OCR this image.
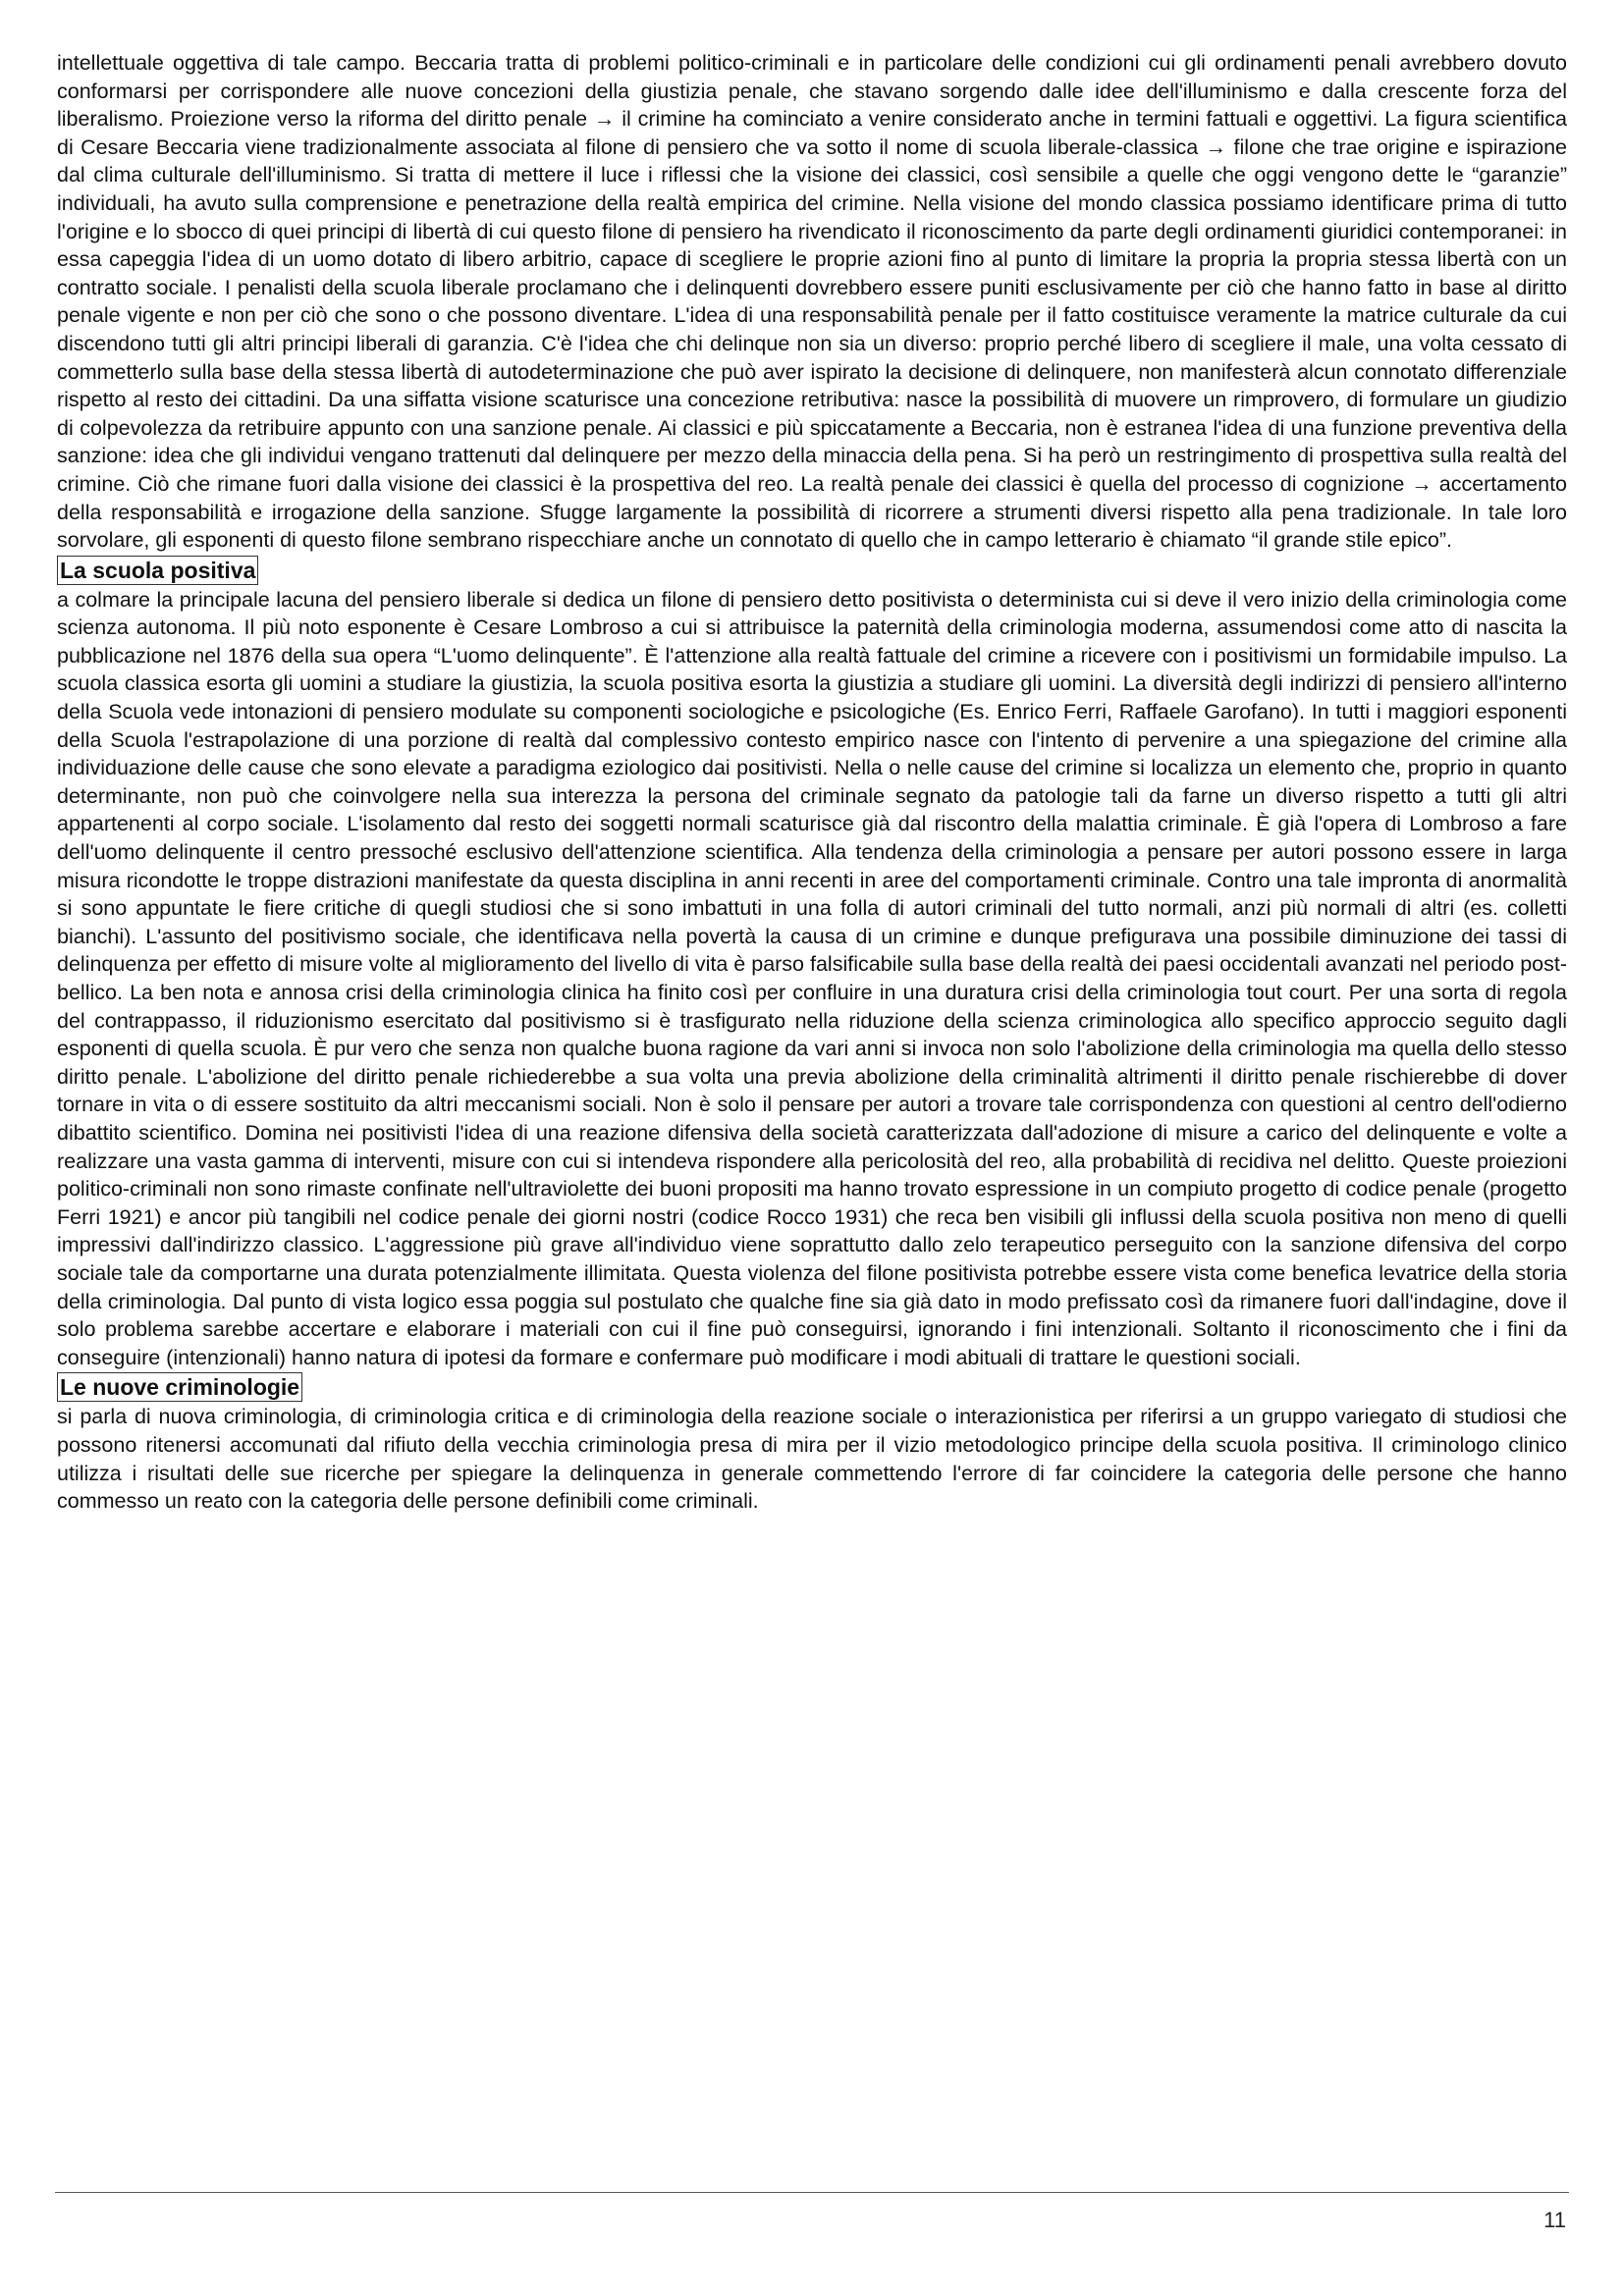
intellettuale oggettiva di tale campo. Beccaria tratta di problemi politico-criminali e in particolare delle condizioni cui gli ordinamenti penali avrebbero dovuto conformarsi per corrispondere alle nuove concezioni della giustizia penale, che stavano sorgendo dalle idee dell'illuminismo e dalla crescente forza del liberalismo. Proiezione verso la riforma del diritto penale → il crimine ha cominciato a venire considerato anche in termini fattuali e oggettivi. La figura scientifica di Cesare Beccaria viene tradizionalmente associata al filone di pensiero che va sotto il nome di scuola liberale-classica → filone che trae origine e ispirazione dal clima culturale dell'illuminismo. Si tratta di mettere il luce i riflessi che la visione dei classici, così sensibile a quelle che oggi vengono dette le “garanzie” individuali, ha avuto sulla comprensione e penetrazione della realtà empirica del crimine. Nella visione del mondo classica possiamo identificare prima di tutto l'origine e lo sbocco di quei principi di libertà di cui questo filone di pensiero ha rivendicato il riconoscimento da parte degli ordinamenti giuridici contemporanei: in essa capeggia l'idea di un uomo dotato di libero arbitrio, capace di scegliere le proprie azioni fino al punto di limitare la propria la propria stessa libertà con un contratto sociale. I penalisti della scuola liberale proclamano che i delinquenti dovrebbero essere puniti esclusivamente per ciò che hanno fatto in base al diritto penale vigente e non per ciò che sono o che possono diventare. L'idea di una responsabilità penale per il fatto costituisce veramente la matrice culturale da cui discendono tutti gli altri principi liberali di garanzia. C'è l'idea che chi delinque non sia un diverso: proprio perché libero di scegliere il male, una volta cessato di commetterlo sulla base della stessa libertà di autodeterminazione che può aver ispirato la decisione di delinquere, non manifesterà alcun connotato differenziale rispetto al resto dei cittadini. Da una siffatta visione scaturisce una concezione retributiva: nasce la possibilità di muovere un rimprovero, di formulare un giudizio di colpevolezza da retribuire appunto con una sanzione penale. Ai classici e più spiccatamente a Beccaria, non è estranea l'idea di una funzione preventiva della sanzione: idea che gli individui vengano trattenuti dal delinquere per mezzo della minaccia della pena. Si ha però un restringimento di prospettiva sulla realtà del crimine. Ciò che rimane fuori dalla visione dei classici è la prospettiva del reo. La realtà penale dei classici è quella del processo di cognizione → accertamento della responsabilità e irrogazione della sanzione. Sfugge largamente la possibilità di ricorrere a strumenti diversi rispetto alla pena tradizionale. In tale loro sorvolare, gli esponenti di questo filone sembrano rispecchiare anche un connotato di quello che in campo letterario è chiamato “il grande stile epico”.

La scuola positiva

a colmare la principale lacuna del pensiero liberale si dedica un filone di pensiero detto positivista o determinista cui si deve il vero inizio della criminologia come scienza autonoma. Il più noto esponente è Cesare Lombroso a cui si attribuisce la paternità della criminologia moderna, assumendosi come atto di nascita la pubblicazione nel 1876 della sua opera “L'uomo delinquente”. È l'attenzione alla realtà fattuale del crimine a ricevere con i positivismi un formidabile impulso. La scuola classica esorta gli uomini a studiare la giustizia, la scuola positiva esorta la giustizia a studiare gli uomini. La diversità degli indirizzi di pensiero all'interno della Scuola vede intonazioni di pensiero modulate su componenti sociologiche e psicologiche (Es. Enrico Ferri, Raffaele Garofano). In tutti i maggiori esponenti della Scuola l'estrapolazione di una porzione di realtà dal complessivo contesto empirico nasce con l'intento di pervenire a una spiegazione del crimine alla individuazione delle cause che sono elevate a paradigma eziologico dai positivisti. Nella o nelle cause del crimine si localizza un elemento che, proprio in quanto determinante, non può che coinvolgere nella sua interezza la persona del criminale segnato da patologie tali da farne un diverso rispetto a tutti gli altri appartenenti al corpo sociale. L'isolamento dal resto dei soggetti normali scaturisce già dal riscontro della malattia criminale. È già l'opera di Lombroso a fare dell'uomo delinquente il centro pressoché esclusivo dell'attenzione scientifica. Alla tendenza della criminologia a pensare per autori possono essere in larga misura ricondotte le troppe distrazioni manifestate da questa disciplina in anni recenti in aree del comportamenti criminale. Contro una tale impronta di anormalità si sono appuntate le fiere critiche di quegli studiosi che si sono imbattuti in una folla di autori criminali del tutto normali, anzi più normali di altri (es. colletti bianchi). L'assunto del positivismo sociale, che identificava nella povertà la causa di un crimine e dunque prefigurava una possibile diminuzione dei tassi di delinquenza per effetto di misure volte al miglioramento del livello di vita è parso falsificabile sulla base della realtà dei paesi occidentali avanzati nel periodo post-bellico. La ben nota e annosa crisi della criminologia clinica ha finito così per confluire in una duratura crisi della criminologia tout court. Per una sorta di regola del contrappasso, il riduzionismo esercitato dal positivismo si è trasfigurato nella riduzione della scienza criminologica allo specifico approccio seguito dagli esponenti di quella scuola. È pur vero che senza non qualche buona ragione da vari anni si invoca non solo l'abolizione della criminologia ma quella dello stesso diritto penale. L'abolizione del diritto penale richiederebbe a sua volta una previa abolizione della criminalità altrimenti il diritto penale rischierebbe di dover tornare in vita o di essere sostituito da altri meccanismi sociali. Non è solo il pensare per autori a trovare tale corrispondenza con questioni al centro dell'odierno dibattito scientifico. Domina nei positivisti l'idea di una reazione difensiva della società caratterizzata dall'adozione di misure a carico del delinquente e volte a realizzare una vasta gamma di interventi, misure con cui si intendeva rispondere alla pericolosità del reo, alla probabilità di recidiva nel delitto. Queste proiezioni politico-criminali non sono rimaste confinate nell'ultraviolette dei buoni propositi ma hanno trovato espressione in un compiuto progetto di codice penale (progetto Ferri 1921) e ancor più tangibili nel codice penale dei giorni nostri (codice Rocco 1931) che reca ben visibili gli influssi della scuola positiva non meno di quelli impressivi dall'indirizzo classico. L'aggressione più grave all'individuo viene soprattutto dallo zelo terapeutico perseguito con la sanzione difensiva del corpo sociale tale da comportarne una durata potenzialmente illimitata. Questa violenza del filone positivista potrebbe essere vista come benefica levatrice della storia della criminologia. Dal punto di vista logico essa poggia sul postulato che qualche fine sia già dato in modo prefissato così da rimanere fuori dall'indagine, dove il solo problema sarebbe accertare e elaborare i materiali con cui il fine può conseguirsi, ignorando i fini intenzionali. Soltanto il riconoscimento che i fini da conseguire (intenzionali) hanno natura di ipotesi da formare e confermare può modificare i modi abituali di trattare le questioni sociali.

Le nuove criminologie

si parla di nuova criminologia, di criminologia critica e di criminologia della reazione sociale o interazionistica per riferirsi a un gruppo variegato di studiosi che possono ritenersi accomunati dal rifiuto della vecchia criminologia presa di mira per il vizio metodologico principe della scuola positiva. Il criminologo clinico utilizza i risultati delle sue ricerche per spiegare la delinquenza in generale commettendo l'errore di far coincidere la categoria delle persone che hanno commesso un reato con la categoria delle persone definibili come criminali.

11
